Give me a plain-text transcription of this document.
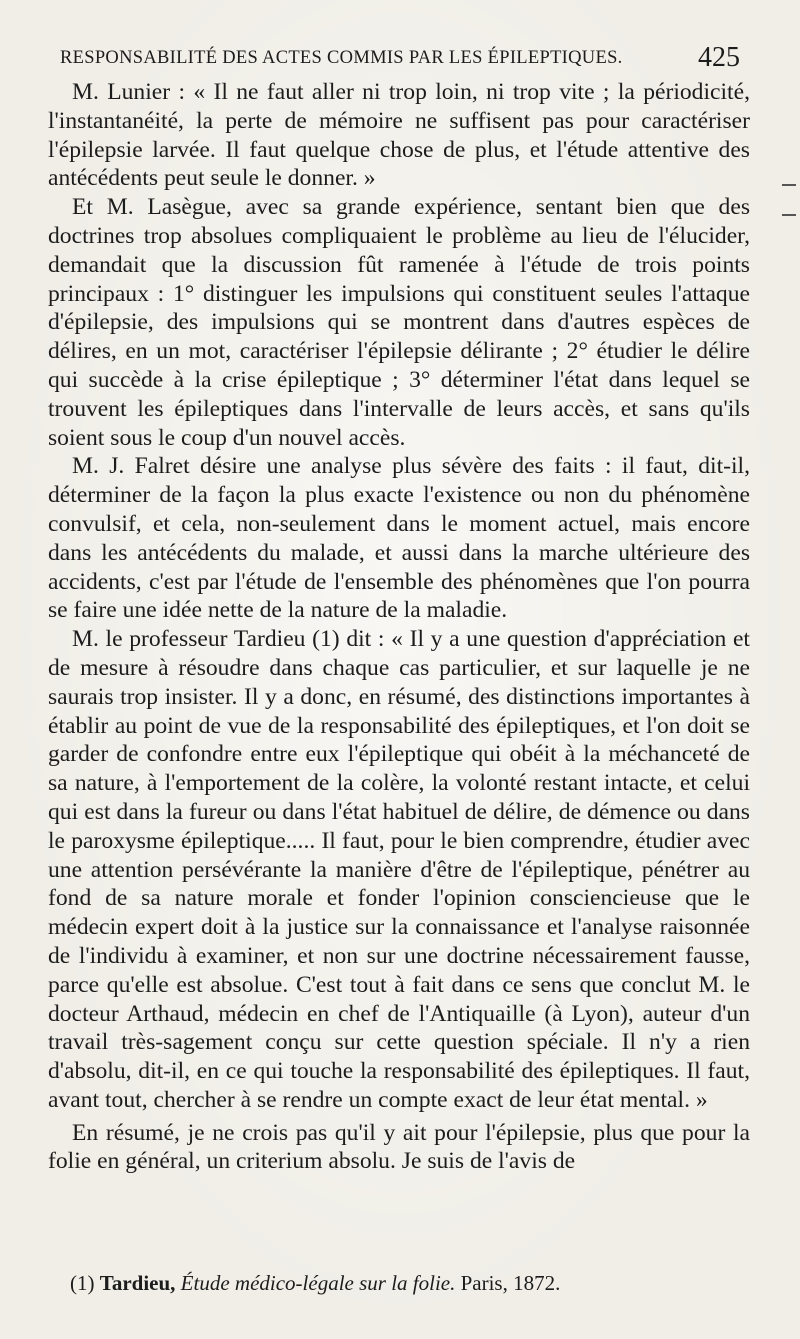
RESPONSABILITÉ DES ACTES COMMIS PAR LES ÉPILEPTIQUES.	425

M. Lunier : « Il ne faut aller ni trop loin, ni trop vite ; la périodicité, l'instantanéité, la perte de mémoire ne suffisent pas pour caractériser l'épilepsie larvée. Il faut quelque chose de plus, et l'étude attentive des antécédents peut seule le donner. »

Et M. Lasègue, avec sa grande expérience, sentant bien que des doctrines trop absolues compliquaient le problème au lieu de l'élucider, demandait que la discussion fût ramenée à l'étude de trois points principaux : 1° distinguer les impulsions qui constituent seules l'attaque d'épilepsie, des impulsions qui se montrent dans d'autres espèces de délires, en un mot, caractériser l'épilepsie délirante ; 2° étudier le délire qui succède à la crise épileptique ; 3° déterminer l'état dans lequel se trouvent les épileptiques dans l'intervalle de leurs accès, et sans qu'ils soient sous le coup d'un nouvel accès.

M. J. Falret désire une analyse plus sévère des faits : il faut, dit-il, déterminer de la façon la plus exacte l'existence ou non du phénomène convulsif, et cela, non-seulement dans le moment actuel, mais encore dans les antécédents du malade, et aussi dans la marche ultérieure des accidents, c'est par l'étude de l'ensemble des phénomènes que l'on pourra se faire une idée nette de la nature de la maladie.

M. le professeur Tardieu (1) dit : « Il y a une question d'appréciation et de mesure à résoudre dans chaque cas particulier, et sur laquelle je ne saurais trop insister. Il y a donc, en résumé, des distinctions importantes à établir au point de vue de la responsabilité des épileptiques, et l'on doit se garder de confondre entre eux l'épileptique qui obéit à la méchanceté de sa nature, à l'emportement de la colère, la volonté restant intacte, et celui qui est dans la fureur ou dans l'état habituel de délire, de démence ou dans le paroxysme épileptique..... Il faut, pour le bien comprendre, étudier avec une attention persévérante la manière d'être de l'épileptique, pénétrer au fond de sa nature morale et fonder l'opinion consciencieuse que le médecin expert doit à la justice sur la connaissance et l'analyse raisonnée de l'individu à examiner, et non sur une doctrine nécessairement fausse, parce qu'elle est absolue. C'est tout à fait dans ce sens que conclut M. le docteur Arthaud, médecin en chef de l'Antiquaille (à Lyon), auteur d'un travail très-sagement conçu sur cette question spéciale. Il n'y a rien d'absolu, dit-il, en ce qui touche la responsabilité des épileptiques. Il faut, avant tout, chercher à se rendre un compte exact de leur état mental. »

En résumé, je ne crois pas qu'il y ait pour l'épilepsie, plus que pour la folie en général, un criterium absolu. Je suis de l'avis de

(1) Tardieu, Étude médico-légale sur la folie. Paris, 1872.
